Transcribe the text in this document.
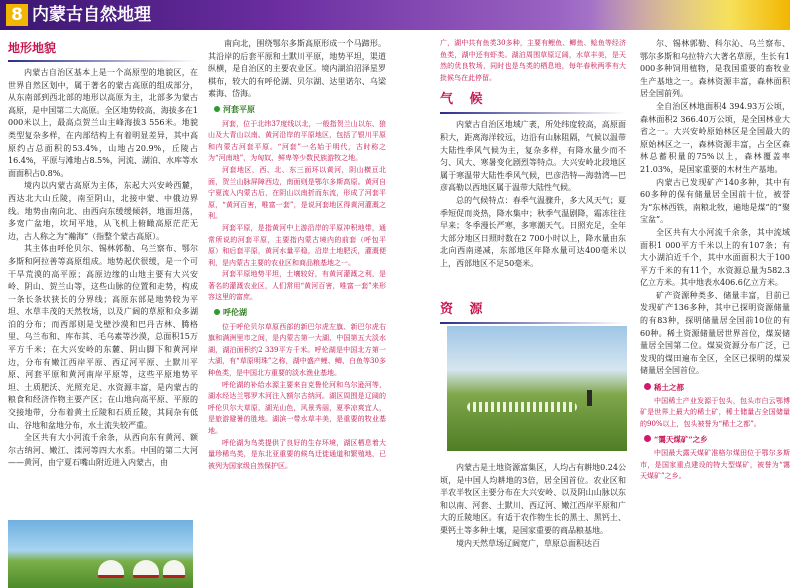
8 内蒙古自然地理
地形地貌

内蒙古自治区基本上是一个高原型的地貌区，在世界自然区划中，属于著名的蒙古高原的组成部分，从东南部到西北部的地形以高原为主，北部多为蒙古高原，是中国第二大高原。全区地势较高，海拔多在1 000米以上，最高点贺兰山主峰海拔3 556米。地貌类型复杂多样，在内部结构上有着明显差异，其中高原约占总面积的53.4%，山地占20.9%，丘陵占16.4%，平原与滩地占8.5%，河流、湖泊、水库等水面面积占0.8%。

境内以内蒙古高原为主体，东起大兴安岭西麓，西达北大山丘陵，南至阴山，北接中蒙、中俄边界线。地势由南向北、由西向东缓缓倾斜，地面坦荡，多宽广盆地，坎坷平地，从飞机上俯瞰高原茫茫无边，古人称之为“瀚海”（指整个蒙古高原）。

其主体由呼伦贝尔、锡林郭勒、乌兰察布、鄂尔多斯和阿拉善等高原组成。地势起伏很缓，是一个可干旱荒漠的高平原；高原边缘的山地主要有大兴安岭、阴山、贺兰山等，这些山脉的位置和走势，构成一条长条状狭长的分界线；高原东部是地势较为平坦、水草丰茂的天然牧场，以及广阔的草原和众多湖泊的分布；而西部则是戈壁沙漠和巴丹吉林、腾格里、乌兰布和、库布其、毛乌素等沙漠，总面积15万平方千米；在大兴安岭的东麓、阴山脚下和黄河岸边，分布有嫩江西岸平原、西辽河平原、土默川平原、河套平原和黄河南岸平原等，这些平原地势平坦、土质肥沃、光照充足、水资源丰富，是内蒙古的粮食和经济作物主要产区；在山地向高平原、平原的交接地带，分布着黄土丘陵和石质丘陵，其间杂有低山、谷地和盆地分布，水土流失较严重。

全区共有大小河流千余条，从西向东有黄河、额尔古纳河、嫩江、滦河等四大水系。中国的第二大河——黄河，由宁夏石嘴山附近进入内蒙古，由

南向北，围绕鄂尔多斯高原形成一个马蹄形。其沿岸的后套平原和土默川平原，地势平坦，渠道纵横，是自治区的主要农业区。境内湖泊沼泽星罗棋布，较大的有呼伦湖、贝尔湖、达里诺尔、乌梁素海、岱海。

河套平原

河套，位于北纬37度线以北，一般指贺兰山以东、狼山及大青山以南、黄河沿岸的平原地区，包括了银川平原和内蒙古河套平原。“河套”一名始于明代，古时称之为“河南地”，为匈奴、鲜卑等少数民族游牧之地。

河套地区，西、北、东三面环以黄河，阴山横亘北面，贺兰山脉屏障西边，南面则是鄂尔多斯高原。黄河自宁夏流入内蒙古后，在阴山以南折而东流，形成了河套平原，“黄河百害，唯富一套”，是说河套地区得黄河灌溉之利。

河套平原，是指黄河中上游沿岸的平原冲积地带，通常所说的河套平原，主要指内蒙古境内的前套（呼包平原）和后套平原，黄河水量平稳，沿岸土地肥沃，灌溉便利，是内蒙古主要的农业区和商品粮基地之一。

河套平原地势平坦，土壤较好，有黄河灌溉之利，是著名的灌溉农业区，人们常用“黄河百害，唯富一套”来形容这里的富庶。

呼伦湖

位于呼伦贝尔草原西部的新巴尔虎左旗、新巴尔虎右旗和满洲里市之间，是内蒙古第一大湖、中国第五大淡水湖，湖泊面积约2 339平方千米。呼伦湖是中国北方第一大湖，有“草原明珠”之称，湖中盛产鲤、鲫、白鱼等30多种鱼类，是中国北方重要的淡水渔业基地。

呼伦湖的补给水源主要来自克鲁伦河和乌尔逊河等，湖水经达兰鄂罗木河注入额尔古纳河。湖区周围是辽阔的呼伦贝尔大草原，湖光山色，风景秀丽，夏季凉爽宜人，是旅游避暑的胜地。湖滨一带水草丰美，是重要的牧业基地。

呼伦湖为鸟类提供了良好的生存环境，湖区栖息着大量珍稀鸟类，是东北亚重要的候鸟迁徙通道和繁殖地，已被列为国家级自然保护区。

广，湖中共有鱼类30多种，主要有鲤鱼、鲫鱼、鲶鱼等经济鱼类，湖中还有虾类。湖泊周围草原辽阔，水草丰美，是天然的优良牧场，同时也是鸟类的栖息地，每年春秋两季有大批候鸟在此停留。
气 候

内蒙古自治区地域广袤，所处纬度较高，高原面积大，距离海洋较远，边沿有山脉阻隔，气候以温带大陆性季风气候为主，复杂多样，有降水量少而不匀、风大、寒暑变化剧烈等特点。大兴安岭北段地区属于寒温带大陆性季风气候，巴彦浩特—海勃湾—巴彦高勒以西地区属于温带大陆性气候。

总的气候特点：春季气温骤升，多大风天气；夏季短促而炎热，降水集中；秋季气温剧降，霜冻往往早来；冬季漫长严寒，多寒潮天气。日照充足，全年大部分地区日照时数在2 700小时以上，降水量由东北向西南递减，东部地区年降水量可达400毫米以上，西部地区不足50毫米。

资 源

内蒙古是土地资源富集区，人均占有耕地0.24公顷，是中国人均耕地的3倍，居全国首位。农业区和半农半牧区主要分布在大兴安岭、以及阴山山脉以东和以南、河套、土默川、西辽河、嫩江西岸平原和广大的丘陵地区。有适于农作物生长的黑土、黑钙土、栗钙土等多种土壤，是国家重要的商品粮基地。

境内天然草场辽阔宽广，草原总面积达百

尔、锡林郭勒、科尔沁、乌兰察布、鄂尔多斯和乌拉特六大著名草原，生长有1 000多种饲用植物，是我国重要的畜牧业生产基地之一。森林资源丰富，森林面积居全国前列。

全自治区林地面积4 394.93万公顷，森林面积2 366.40万公顷，是全国林业大省之一。大兴安岭原始林区是全国最大的原始林区之一，森林资源丰富，占全区森林总蓄积量的75%以上，森林覆盖率21.03%，是国家重要的木材生产基地。

内蒙古已发现矿产140多种，其中有60多种的保有储量居全国前十位，被誉为“东林西铁，南粮北牧，遍地是煤”的“聚宝盆”。

全区共有大小河流千余条，其中流域面积1 000平方千米以上的有107条；有大小湖泊近千个，其中水面面积大于100平方千米的有11个，水资源总量为582.3亿立方米。其中地表水406.6亿立方米。

矿产资源种类多、储量丰富，目前已发现矿产136多种，其中已探明资源储量的有83种，探明储量居全国前10位的有60种。稀土资源储量居世界首位，煤炭储量居全国第二位。煤炭资源分布广泛，已发现的煤田遍布全区，全区已探明的煤炭储量居全国首位。

稀土之都

中国稀土产业发源于包头，包头市白云鄂博矿是世界上最大的稀土矿，稀土储量占全国储量的90%以上，包头被誉为“稀土之都”。

“霭天煤矿”之乡

中国最大露天煤矿准格尔煤田位于鄂尔多斯市，是国家重点建设的特大型煤矿，被誉为“霭天煤矿”之乡。
